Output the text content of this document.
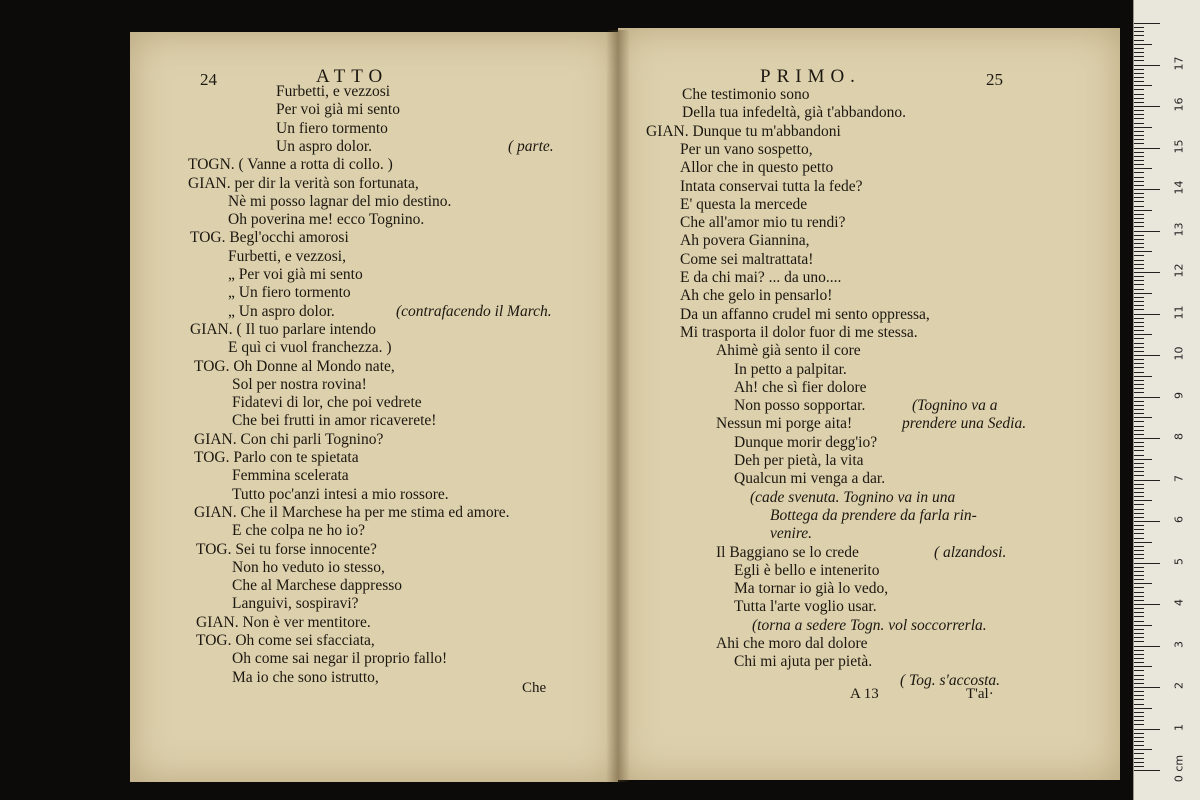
24	ATTO	PRIMO.	25
Furbetti, e vezzosi
Per voi già mi sento
Un fiero tormento
Un aspro dolor.	( parte.
TOGN. ( Vanne a rotta di collo. )
GIAN. per dir la verità son fortunata,
Nè mi posso lagnar del mio destino.
Oh poverina me! ecco Tognino.
TOG. Begl'occhi amorosi
Furbetti, e vezzosi,
„ Per voi già mi sento
„ Un fiero tormento
„ Un aspro dolor.	(contrafacendo il March.
GIAN. ( Il tuo parlare intendo
E quì ci vuol franchezza. )
TOG. Oh Donne al Mondo nate,
Sol per nostra rovina!
Fidatevi di lor, che poi vedrete
Che bei frutti in amor ricaverete!
GIAN. Con chi parli Tognino?
TOG. Parlo con te spietata
Femmina scelerata
Tutto poc'anzi intesi a mio rossore.
GIAN. Che il Marchese ha per me stima ed amore.
E che colpa ne ho io?
TOG. Sei tu forse innocente?
Non ho veduto io stesso,
Che al Marchese dappresso
Languivi, sospiravi?
GIAN. Non è ver mentitore.
TOG. Oh come sei sfacciata,
Oh come sai negar il proprio fallo!
Ma io che sono istrutto,
Che testimonio sono
Della tua infedeltà, già t'abbandono.
GIAN. Dunque tu m'abbandoni
Per un vano sospetto,
Allor che in questo petto
Intata conservai tutta la fede?
E' questa la mercede
Che all'amor mio tu rendi?
Ah povera Giannina,
Come sei maltrattata!
E da chi mai? ... da uno....
Ah che gelo in pensarlo!
Da un affanno crudel mi sento oppressa,
Mi trasporta il dolor fuor di me stessa.
Ahimè già sento il core
In petto a palpitar.
Ah! che sì fier dolore
Non posso sopportar.	(Tognino va a
Nessun mi porge aita!	prendere una Sedia.
Dunque morir degg'io?
Deh per pietà, la vita
Qualcun mi venga a dar.
(cade svenuta. Tognino va in una
Bottega da prendere da farla rin-
venire.
Il Baggiano se lo crede	( alzandosi.
Egli è bello e intenerito
Ma tornar io già lo vedo,
Tutta l'arte voglio usar.
(torna a sedere Togn. vol soccorrerla.
Ahi che moro dal dolore
Chi mi ajuta per pietà.
( Tog. s'accosta.
Che	A 13	T'al·
0 cm
1
2
3
4
5
6
7
8
9
10
11
12
13
14
15
16
17
